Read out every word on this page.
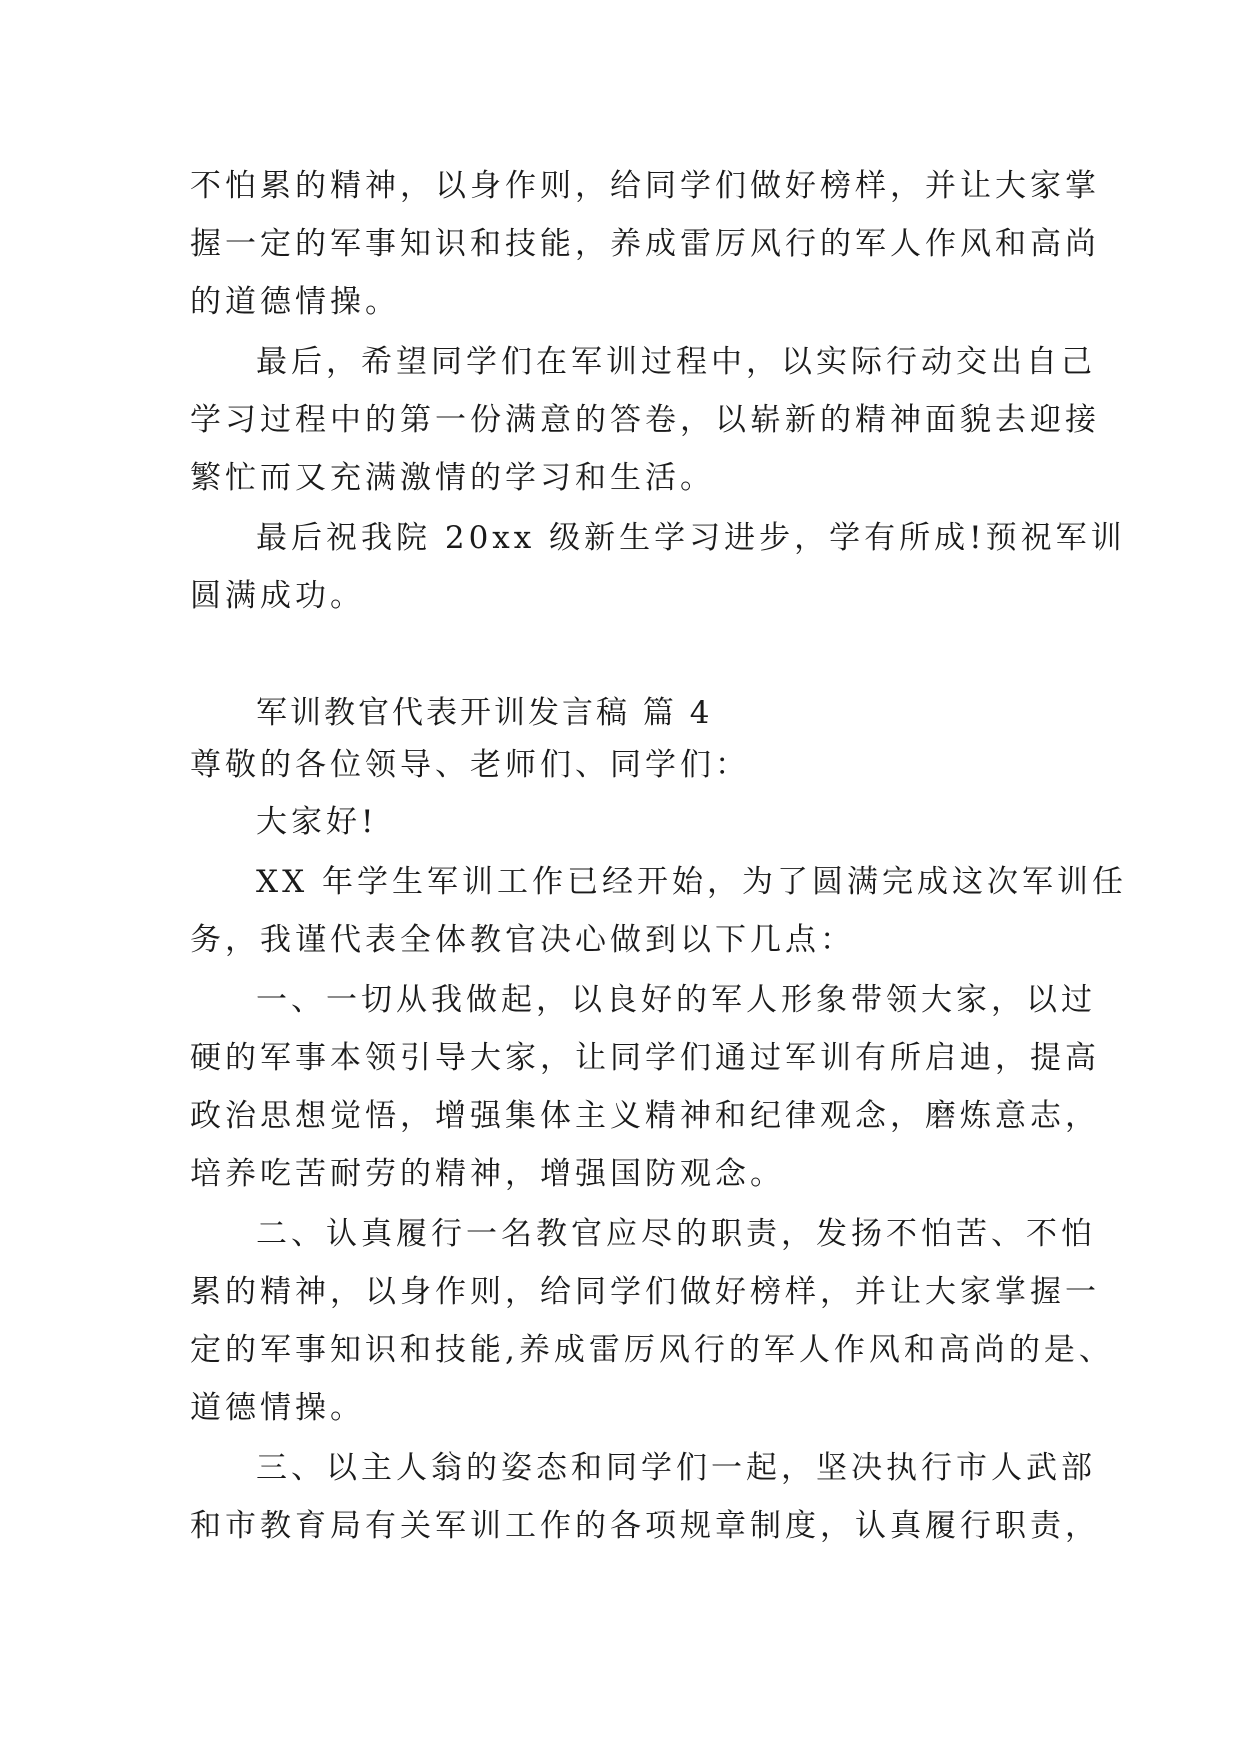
不怕累的精神，以身作则，给同学们做好榜样，并让大家掌
握一定的军事知识和技能，养成雷厉风行的军人作风和高尚
的道德情操。
最后，希望同学们在军训过程中，以实际行动交出自己
学习过程中的第一份满意的答卷，以崭新的精神面貌去迎接
繁忙而又充满激情的学习和生活。
最后祝我院 20xx 级新生学习进步，学有所成!预祝军训
圆满成功。
军训教官代表开训发言稿 篇 4
尊敬的各位领导、老师们、同学们：
大家好!
XX 年学生军训工作已经开始，为了圆满完成这次军训任
务，我谨代表全体教官决心做到以下几点：
一、一切从我做起，以良好的军人形象带领大家，以过
硬的军事本领引导大家，让同学们通过军训有所启迪，提高
政治思想觉悟，增强集体主义精神和纪律观念，磨炼意志，
培养吃苦耐劳的精神，增强国防观念。
二、认真履行一名教官应尽的职责，发扬不怕苦、不怕
累的精神，以身作则，给同学们做好榜样，并让大家掌握一
定的军事知识和技能,养成雷厉风行的军人作风和高尚的是、
道德情操。
三、以主人翁的姿态和同学们一起，坚决执行市人武部
和市教育局有关军训工作的各项规章制度，认真履行职责，
